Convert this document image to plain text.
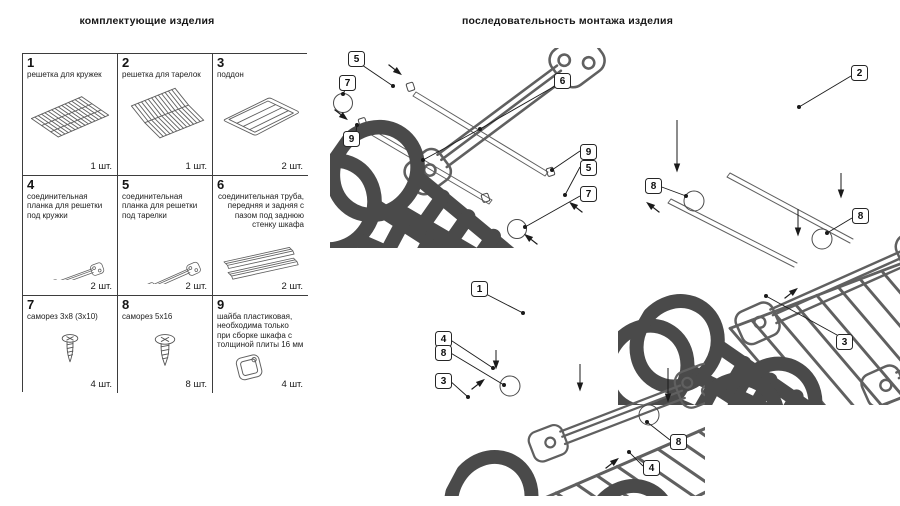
комплектующие изделия	последовательность монтажа изделия
1
решетка для кружек
1 шт.
2
решетка для тарелок
1 шт.
3
поддон
2 шт.
4
соединительная планка для решетки под кружки
2 шт.
5
соединительная планка для решетки под тарелки
2 шт.
6
соединительная труба, передняя и задняя с пазом под заднюю стенку шкафа
2 шт.
7
саморез 3x8 (3x10)
4 шт.
8
саморез 5x16
8 шт.
9
шайба пластиковая, необходима только при сборке шкафа с толщиной плиты 16 мм
4 шт.
5
7
9
6
9
5
7
2
8
8
3
1
4
8
3
8
4
